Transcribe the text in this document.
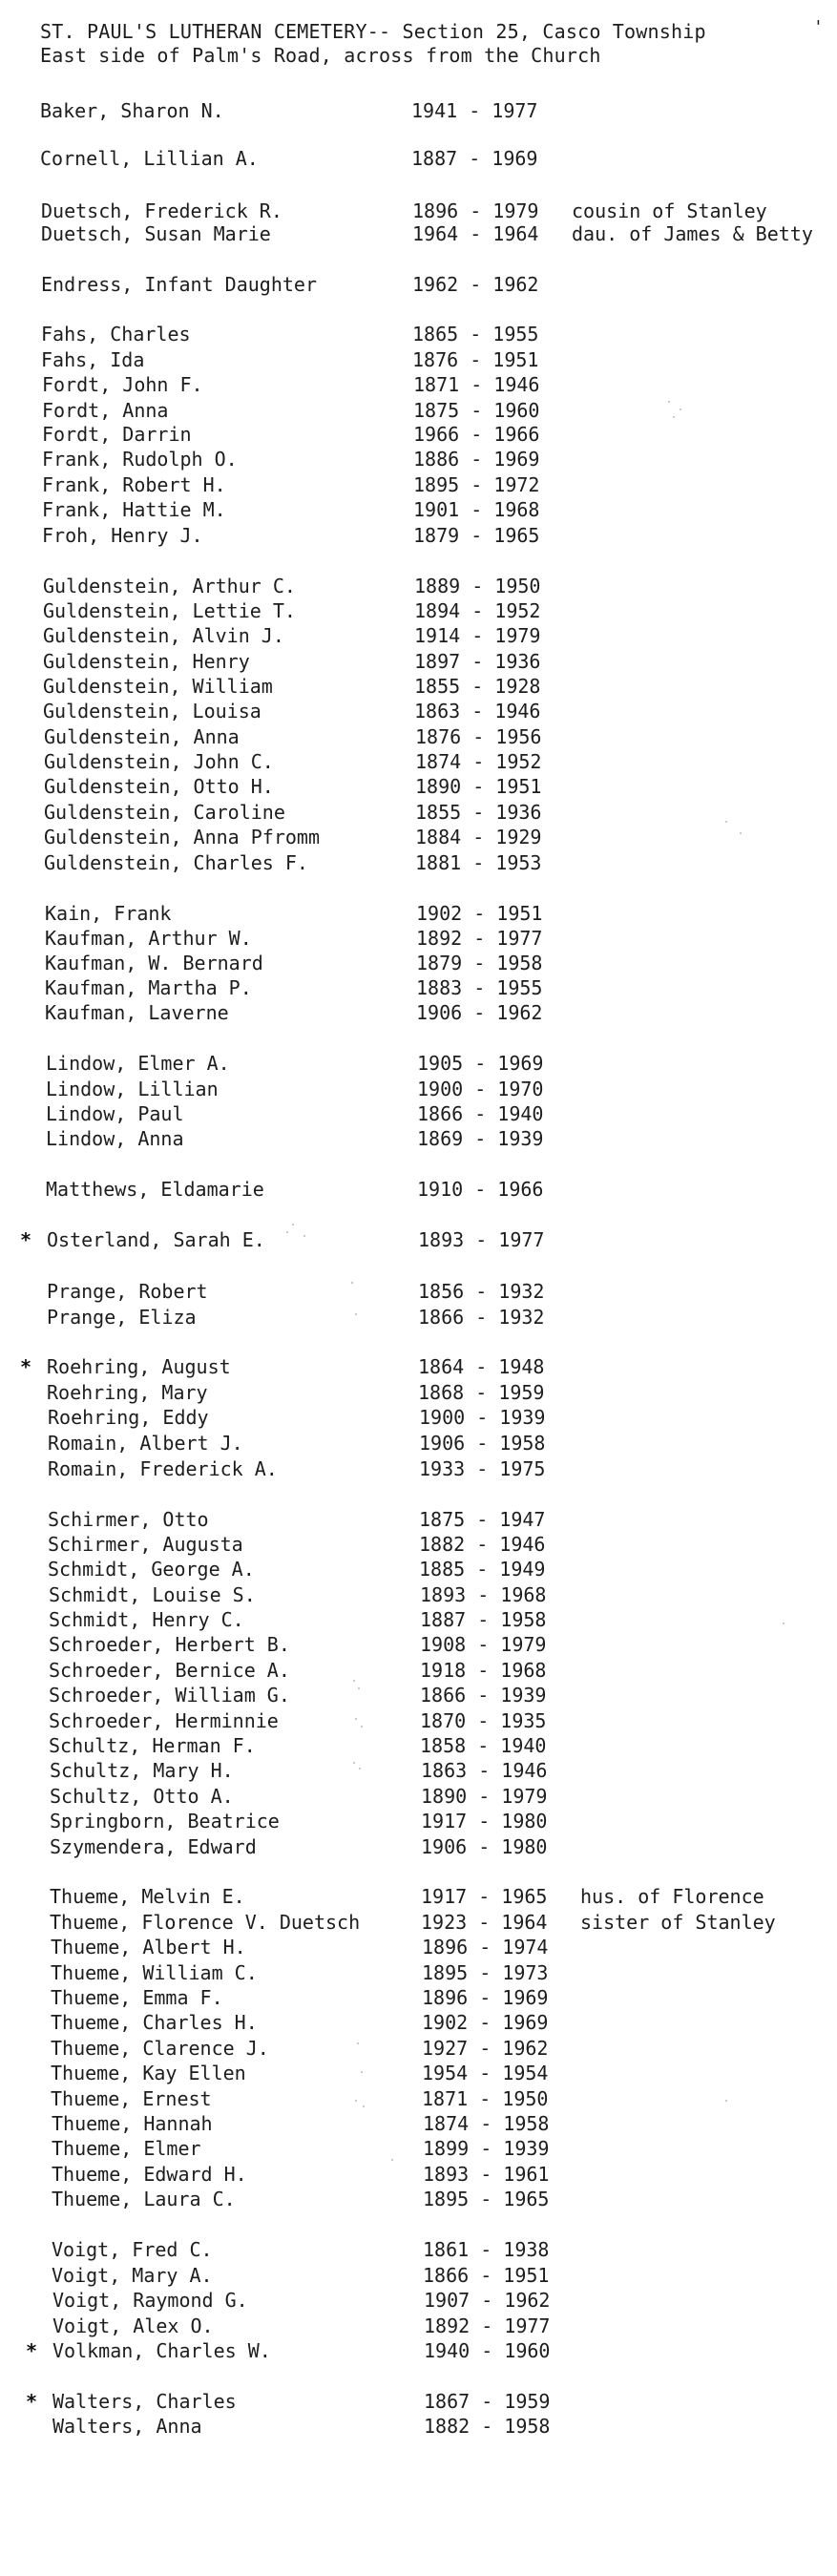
ST. PAUL'S LUTHERAN CEMETERY-- Section 25, Casco Township
East side of Palm's Road, across from the Church
'
Baker, Sharon N.	1941 - 1977
Cornell, Lillian A.	1887 - 1969
Duetsch, Frederick R.	1896 - 1979 cousin of Stanley
Duetsch, Susan Marie	1964 - 1964 dau. of James & Betty
Endress, Infant Daughter	1962 - 1962
Fahs, Charles	1865 - 1955
Fahs, Ida	1876 - 1951
Fordt, John F.	1871 - 1946
Fordt, Anna	1875 - 1960
Fordt, Darrin	1966 - 1966
Frank, Rudolph O.	1886 - 1969
Frank, Robert H.	1895 - 1972
Frank, Hattie M.	1901 - 1968
Froh, Henry J.	1879 - 1965
Guldenstein, Arthur C.	1889 - 1950
Guldenstein, Lettie T.	1894 - 1952
Guldenstein, Alvin J.	1914 - 1979
Guldenstein, Henry	1897 - 1936
Guldenstein, William	1855 - 1928
Guldenstein, Louisa	1863 - 1946
Guldenstein, Anna	1876 - 1956
Guldenstein, John C.	1874 - 1952
Guldenstein, Otto H.	1890 - 1951
Guldenstein, Caroline	1855 - 1936
Guldenstein, Anna Pfromm	1884 - 1929
Guldenstein, Charles F.	1881 - 1953
Kain, Frank	1902 - 1951
Kaufman, Arthur W.	1892 - 1977
Kaufman, W. Bernard	1879 - 1958
Kaufman, Martha P.	1883 - 1955
Kaufman, Laverne	1906 - 1962
Lindow, Elmer A.	1905 - 1969
Lindow, Lillian	1900 - 1970
Lindow, Paul	1866 - 1940
Lindow, Anna	1869 - 1939
Matthews, Eldamarie	1910 - 1966
* Osterland, Sarah E.	1893 - 1977
Prange, Robert	1856 - 1932
Prange, Eliza	1866 - 1932
* Roehring, August	1864 - 1948
Roehring, Mary	1868 - 1959
Roehring, Eddy	1900 - 1939
Romain, Albert J.	1906 - 1958
Romain, Frederick A.	1933 - 1975
Schirmer, Otto	1875 - 1947
Schirmer, Augusta	1882 - 1946
Schmidt, George A.	1885 - 1949
Schmidt, Louise S.	1893 - 1968
Schmidt, Henry C.	1887 - 1958
Schroeder, Herbert B.	1908 - 1979
Schroeder, Bernice A.	1918 - 1968
Schroeder, William G.	1866 - 1939
Schroeder, Herminnie	1870 - 1935
Schultz, Herman F.	1858 - 1940
Schultz, Mary H.	1863 - 1946
Schultz, Otto A.	1890 - 1979
Springborn, Beatrice	1917 - 1980
Szymendera, Edward	1906 - 1980
Thueme, Melvin E.	1917 - 1965 hus. of Florence
Thueme, Florence V. Duetsch	1923 - 1964 sister of Stanley
Thueme, Albert H.	1896 - 1974
Thueme, William C.	1895 - 1973
Thueme, Emma F.	1896 - 1969
Thueme, Charles H.	1902 - 1969
Thueme, Clarence J.	1927 - 1962
Thueme, Kay Ellen	1954 - 1954
Thueme, Ernest	1871 - 1950
Thueme, Hannah	1874 - 1958
Thueme, Elmer	1899 - 1939
Thueme, Edward H.	1893 - 1961
Thueme, Laura C.	1895 - 1965
Voigt, Fred C.	1861 - 1938
Voigt, Mary A.	1866 - 1951
Voigt, Raymond G.	1907 - 1962
Voigt, Alex O.	1892 - 1977
* Volkman, Charles W.	1940 - 1960
* Walters, Charles	1867 - 1959
Walters, Anna	1882 - 1958
